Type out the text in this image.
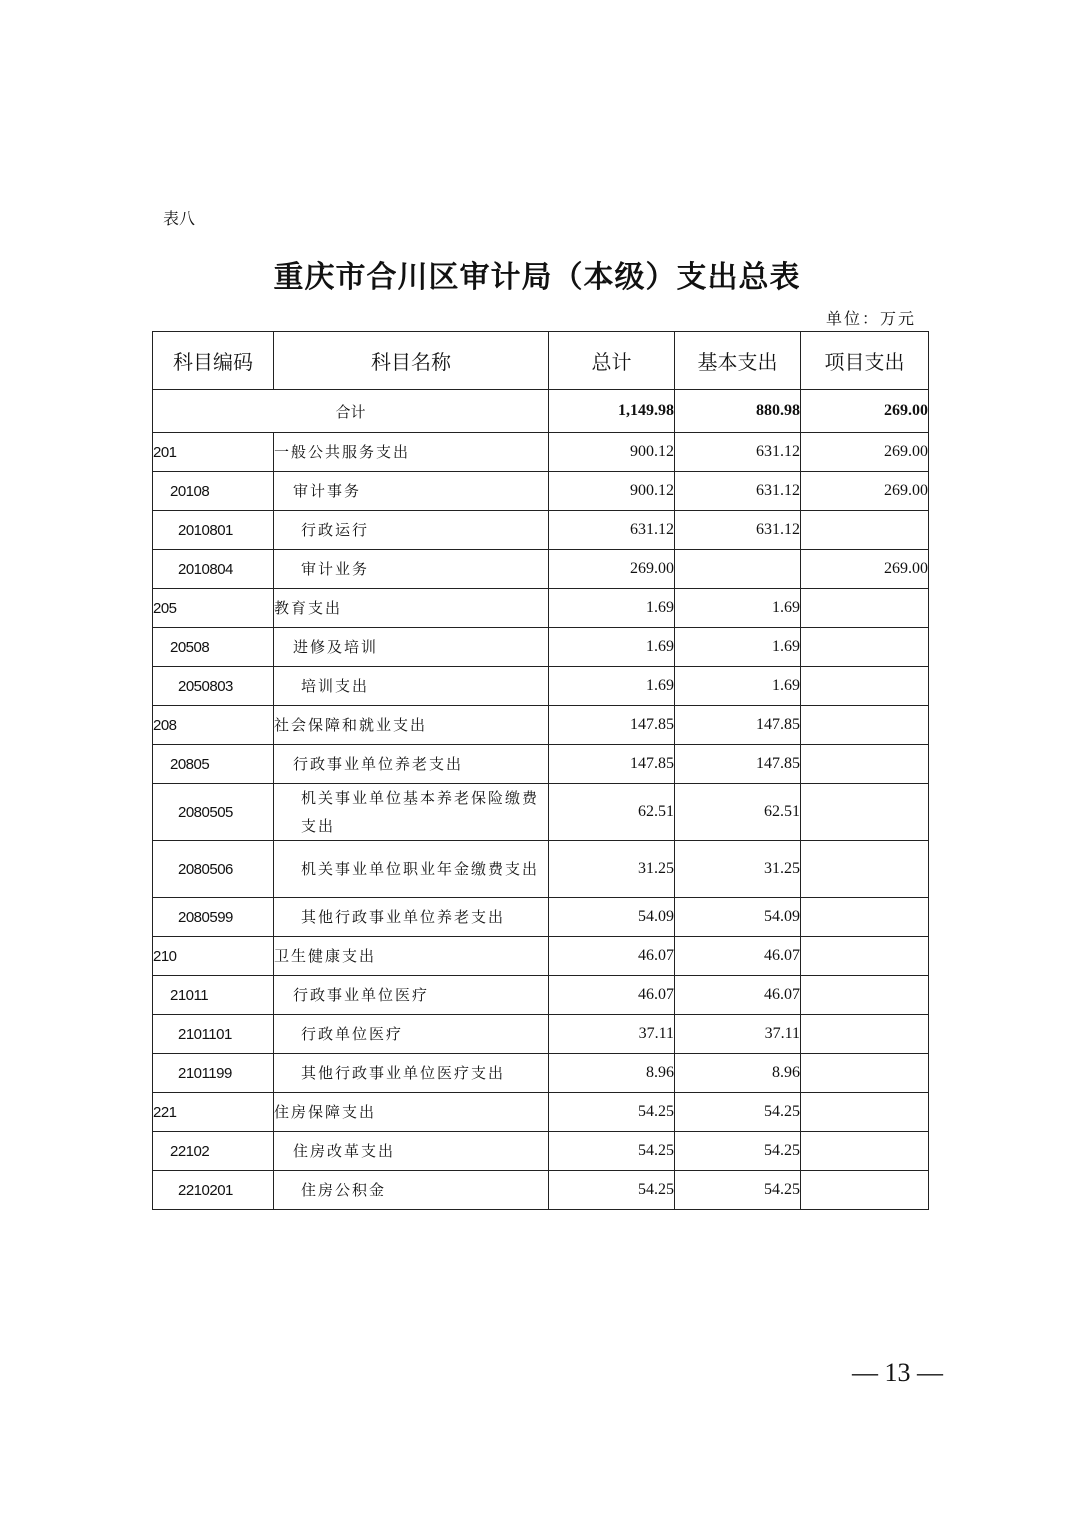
表八
重庆市合川区审计局（本级）支出总表
单位：万元
科目编码	科目名称	总计	基本支出	项目支出
合计		1,149.98	880.98	269.00
201	一般公共服务支出	900.12	631.12	269.00
20108	审计事务	900.12	631.12	269.00
2010801	行政运行	631.12	631.12	
2010804	审计业务	269.00		269.00
205	教育支出	1.69	1.69	
20508	进修及培训	1.69	1.69	
2050803	培训支出	1.69	1.69	
208	社会保障和就业支出	147.85	147.85	
20805	行政事业单位养老支出	147.85	147.85	
2080505	机关事业单位基本养老保险缴费支出	62.51	62.51	
2080506	机关事业单位职业年金缴费支出	31.25	31.25	
2080599	其他行政事业单位养老支出	54.09	54.09	
210	卫生健康支出	46.07	46.07	
21011	行政事业单位医疗	46.07	46.07	
2101101	行政单位医疗	37.11	37.11	
2101199	其他行政事业单位医疗支出	8.96	8.96	
221	住房保障支出	54.25	54.25	
22102	住房改革支出	54.25	54.25	
2210201	住房公积金	54.25	54.25	
— 13 —
